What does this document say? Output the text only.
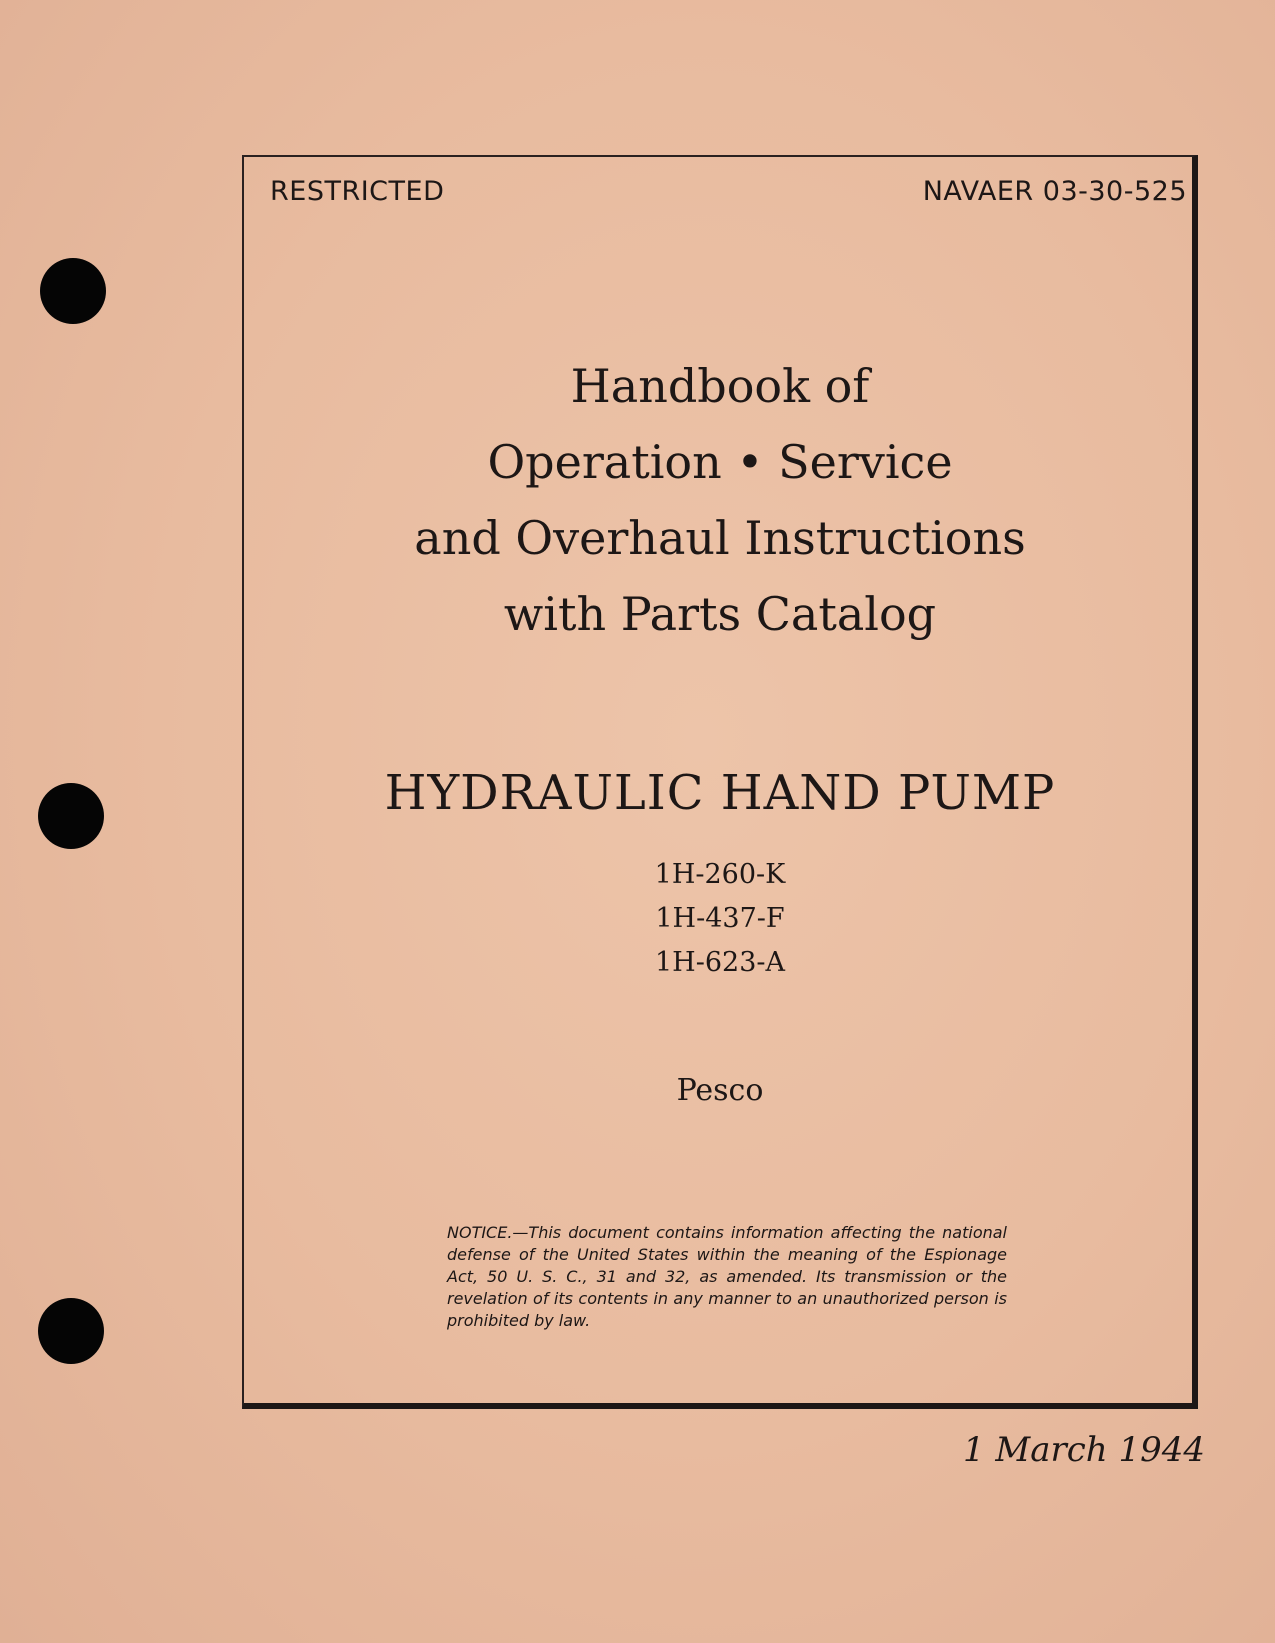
RESTRICTED	NAVAER 03-30-525
Handbook of
Operation • Service
and Overhaul Instructions
with Parts Catalog
HYDRAULIC HAND PUMP
1H-260-K
1H-437-F
1H-623-A
Pesco
NOTICE.—This document contains information affecting the national defense of the United States within the meaning of the Espionage Act, 50 U. S. C., 31 and 32, as amended. Its transmission or the revelation of its contents in any manner to an unauthorized person is prohibited by law.
1 March 1944
